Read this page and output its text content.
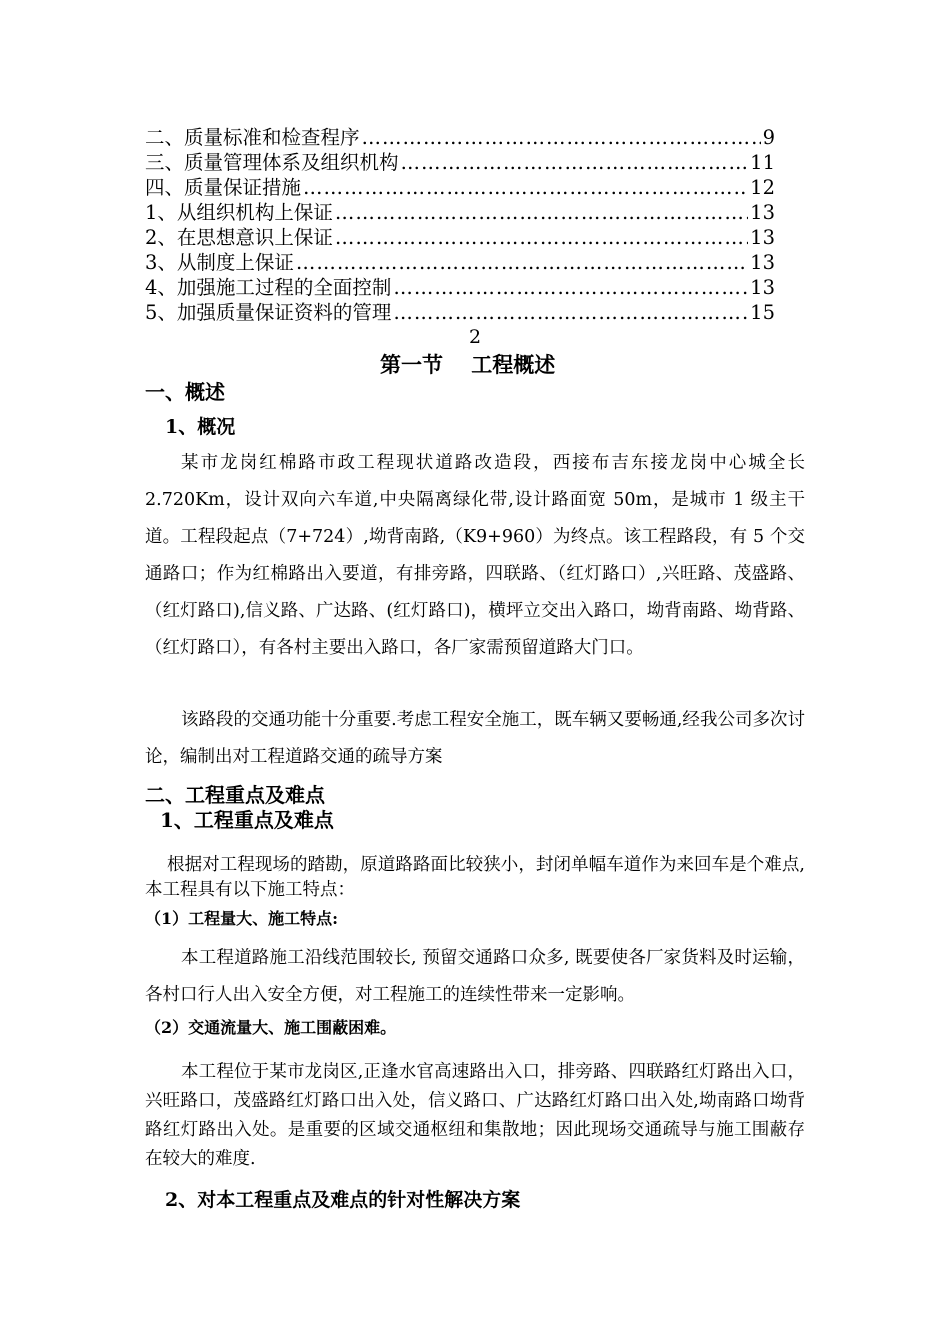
二、质量标准和检查程序 …………………………………………………………………………………………………………………………	9
三、质量管理体系及组织机构 …………………………………………………………………………………………………………………………	11
四、质量保证措施 …………………………………………………………………………………………………………………………	12
1、从组织机构上保证 …………………………………………………………………………………………………………………………	13
2、在思想意识上保证 …………………………………………………………………………………………………………………………	13
3、从制度上保证 …………………………………………………………………………………………………………………………	13
4、加强施工过程的全面控制 …………………………………………………………………………………………………………………………	13
5、加强质量保证资料的管理 …………………………………………………………………………………………………………………………	15
2
第一节　 工程概述
一、概述
1、概况
某市龙岗红棉路市政工程现状道路改造段，西接布吉东接龙岗中心城全长2.720Km，设计双向六车道,中央隔离绿化带,设计路面宽 50m，是城市 1 级主干道。工程段起点（7+724）,坳背南路,（K9+960）为终点。该工程路段，有 5 个交通路口；作为红棉路出入要道，有排旁路，四联路、（红灯路口）,兴旺路、茂盛路、（红灯路口),信义路、广达路、(红灯路口)，横坪立交出入路口，坳背南路、坳背路、（红灯路口），有各村主要出入路口，各厂家需预留道路大门口。
该路段的交通功能十分重要.考虑工程安全施工，既车辆又要畅通,经我公司多次讨论，编制出对工程道路交通的疏导方案
二、工程重点及难点
1、工程重点及难点
根据对工程现场的踏勘，原道路路面比较狭小，封闭单幅车道作为来回车是个难点,本工程具有以下施工特点：
（1）工程量大、施工特点:
本工程道路施工沿线范围较长, 预留交通路口众多, 既要使各厂家货料及时运输，各村口行人出入安全方便，对工程施工的连续性带来一定影响。
（2）交通流量大、施工围蔽困难。
本工程位于某市龙岗区,正逢水官高速路出入口，排旁路、四联路红灯路出入口，兴旺路口，茂盛路红灯路口出入处，信义路口、广达路红灯路口出入处,坳南路口坳背路红灯路出入处。是重要的区域交通枢纽和集散地；因此现场交通疏导与施工围蔽存在较大的难度.
2、对本工程重点及难点的针对性解决方案
